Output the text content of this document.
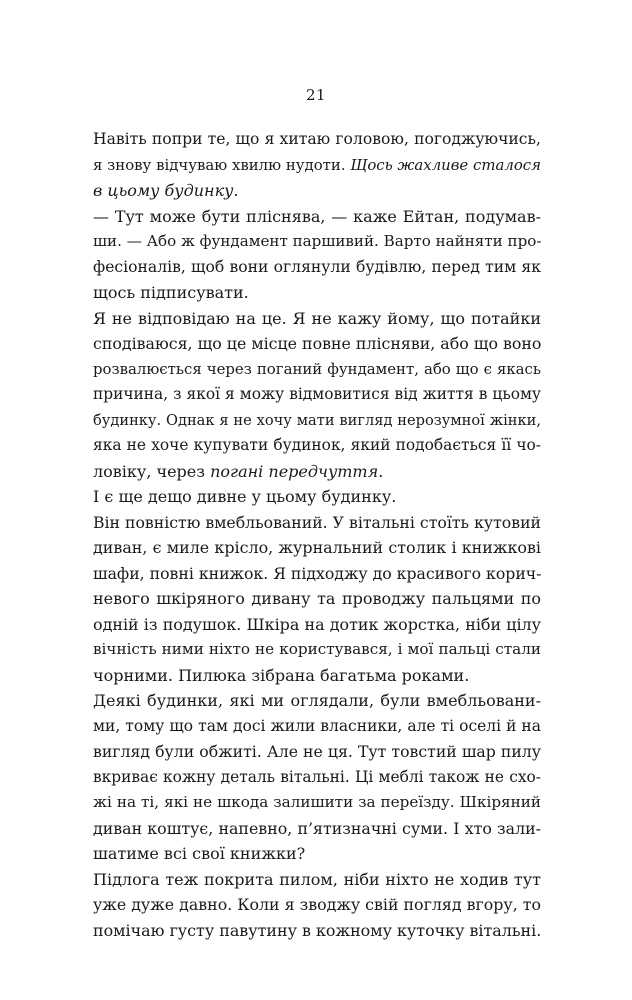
21
Навіть попри те, що я хитаю головою, погоджуючись,
я знову відчуваю хвилю нудоти. Щось жахливе сталося
в цьому будинку.
— Тут може бути пліснява, — каже Ейтан, подумав-
ши. — Або ж фундамент паршивий. Варто найняти про-
фесіоналів, щоб вони оглянули будівлю, перед тим як
щось підписувати.
Я не відповідаю на це. Я не кажу йому, що потайки
сподіваюся, що це місце повне плісняви, або що воно
розвалюється через поганий фундамент, або що є якась
причина, з якої я можу відмовитися від життя в цьому
будинку. Однак я не хочу мати вигляд нерозумної жінки,
яка не хоче купувати будинок, який подобається її чо-
ловіку, через погані передчуття.
І є ще дещо дивне у цьому будинку.
Він повністю вмебльований. У вітальні стоїть кутовий
диван, є миле крісло, журнальний столик і книжкові
шафи, повні книжок. Я підходжу до красивого корич-
невого шкіряного дивану та проводжу пальцями по
одній із подушок. Шкіра на дотик жорстка, ніби цілу
вічність ними ніхто не користувався, і мої пальці стали
чорними. Пилюка зібрана багатьма роками.
Деякі будинки, які ми оглядали, були вмебльовани-
ми, тому що там досі жили власники, але ті оселі й на
вигляд були обжиті. Але не ця. Тут товстий шар пилу
вкриває кожну деталь вітальні. Ці меблі також не схо-
жі на ті, які не шкода залишити за переїзду. Шкіряний
диван коштує, напевно, п’ятизначні суми. І хто зали-
шатиме всі свої книжки?
Підлога теж покрита пилом, ніби ніхто не ходив тут
уже дуже давно. Коли я зводжу свій погляд вгору, то
помічаю густу павутину в кожному куточку вітальні.
